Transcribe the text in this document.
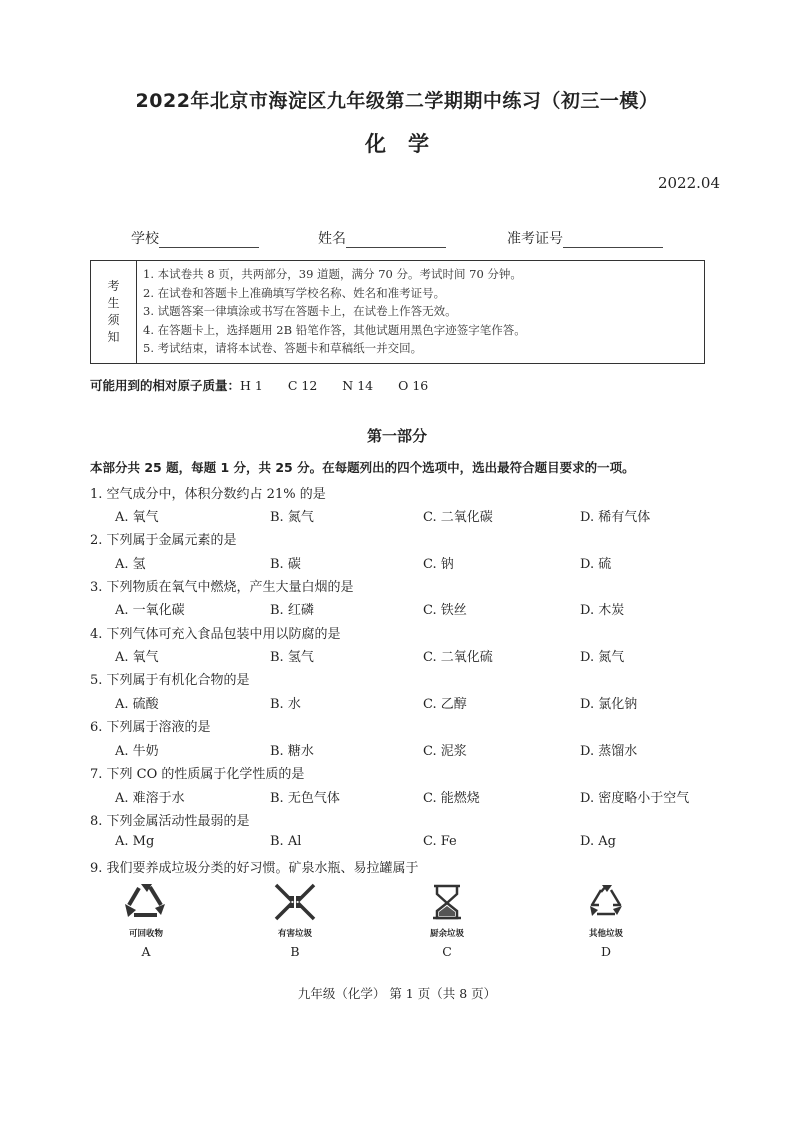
2022年北京市海淀区九年级第二学期期中练习（初三一模）
化学
2022.04
学校	姓名	准考证号
考
生
须
知
1. 本试卷共 8 页，共两部分，39 道题，满分 70 分。考试时间 70 分钟。
2. 在试卷和答题卡上准确填写学校名称、姓名和准考证号。
3. 试题答案一律填涂或书写在答题卡上，在试卷上作答无效。
4. 在答题卡上，选择题用 2B 铅笔作答，其他试题用黑色字迹签字笔作答。
5. 考试结束，请将本试卷、答题卡和草稿纸一并交回。
可能用到的相对原子质量：H 1　　C 12　　N 14　　O 16
第一部分
本部分共 25 题，每题 1 分，共 25 分。在每题列出的四个选项中，选出最符合题目要求的一项。
1. 空气成分中，体积分数约占 21% 的是
A. 氧气	B. 氮气	C. 二氧化碳	D. 稀有气体
2. 下列属于金属元素的是
A. 氢	B. 碳	C. 钠	D. 硫
3. 下列物质在氧气中燃烧，产生大量白烟的是
A. 一氧化碳	B. 红磷	C. 铁丝	D. 木炭
4. 下列气体可充入食品包装中用以防腐的是
A. 氧气	B. 氢气	C. 二氧化硫	D. 氮气
5. 下列属于有机化合物的是
A. 硫酸	B. 水	C. 乙醇	D. 氯化钠
6. 下列属于溶液的是
A. 牛奶	B. 糖水	C. 泥浆	D. 蒸馏水
7. 下列 CO 的性质属于化学性质的是
A. 难溶于水	B. 无色气体	C. 能燃烧	D. 密度略小于空气
8. 下列金属活动性最弱的是
A. Mg	B. Al	C. Fe	D. Ag
9. 我们要养成垃圾分类的好习惯。矿泉水瓶、易拉罐属于
可回收物	有害垃圾	厨余垃圾	其他垃圾
A	B	C	D
九年级（化学） 第 1 页（共 8 页）
